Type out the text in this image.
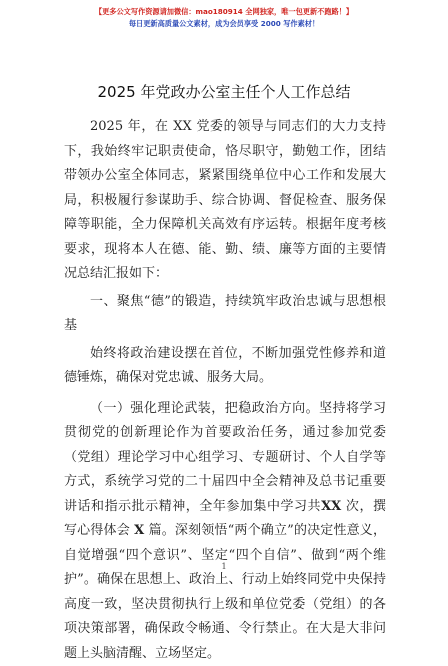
【更多公文写作资源请加微信：mao180914 全网独家，唯一包更新不跑路！】
每日更新高质量公文素材，成为会员享受 2000 写作素材！
2025 年党政办公室主任个人工作总结

2025 年，在 XX 党委的领导与同志们的大力支持下，我始终牢记职责使命，恪尽职守，勤勉工作，团结带领办公室全体同志，紧紧围绕单位中心工作和发展大局，积极履行参谋助手、综合协调、督促检查、服务保障等职能，全力保障机关高效有序运转。根据年度考核要求，现将本人在德、能、勤、绩、廉等方面的主要情况总结汇报如下：

一、聚焦“德”的锻造，持续筑牢政治忠诚与思想根基

始终将政治建设摆在首位，不断加强党性修养和道德锤炼，确保对党忠诚、服务大局。

（一）强化理论武装，把稳政治方向。坚持将学习贯彻党的创新理论作为首要政治任务，通过参加党委（党组）理论学习中心组学习、专题研讨、个人自学等方式，系统学习党的二十届四中全会精神及总书记重要讲话和指示批示精神，全年参加集中学习共XX 次，撰写心得体会 X 篇。深刻领悟“两个确立”的决定性意义，自觉增强“四个意识”、坚定“四个自信”、做到“两个维护”。确保在思想上、政治上、行动上始终同党中央保持高度一致，坚决贯彻执行上级和单位党委（党组）的各项决策部署，确保政令畅通、令行禁止。在大是大非问题上头脑清醒、立场坚定。

1
